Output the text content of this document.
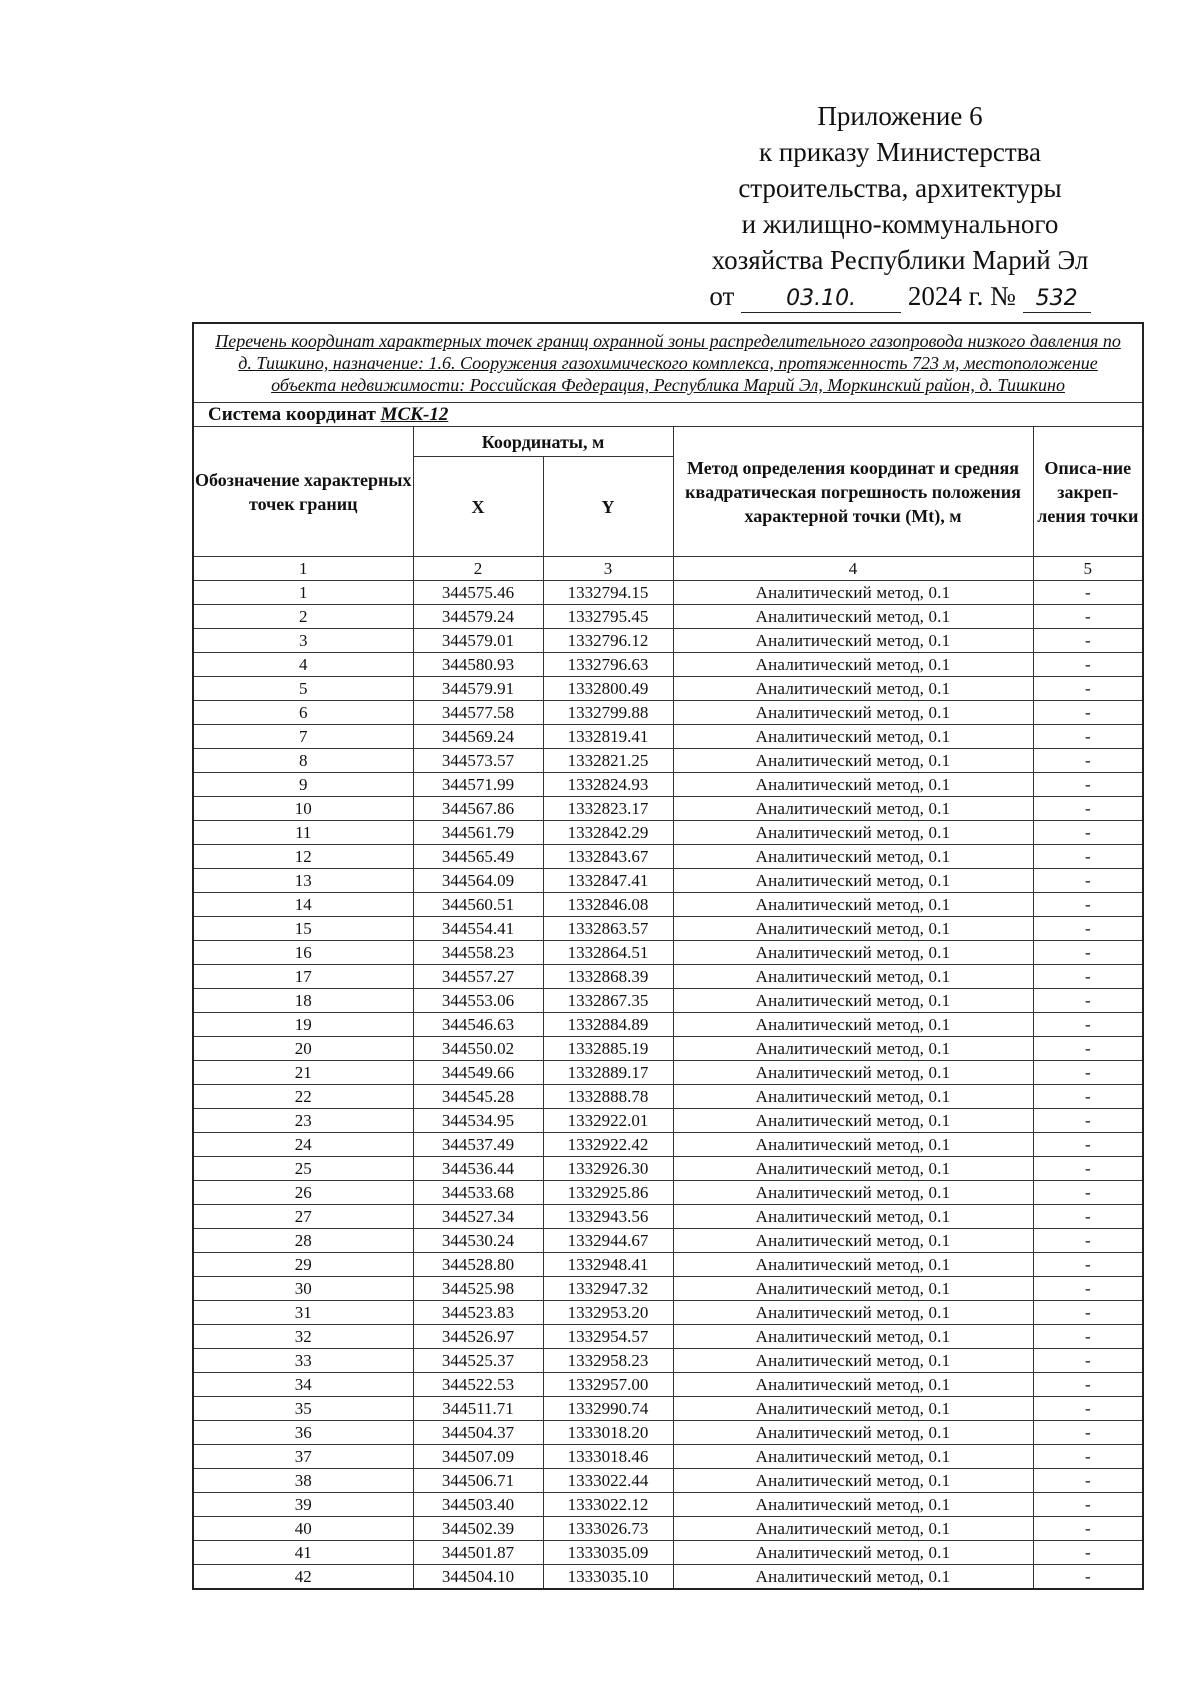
Приложение 6
к приказу Министерства
строительства, архитектуры
и жилищно-коммунального
хозяйства Республики Марий Эл
от 03.10. 2024 г. № 532
Перечень координат характерных точек границ охранной зоны распределительного газопровода низкого давления по д. Тишкино, назначение: 1.6. Сооружения газохимического комплекса, протяженность 723 м, местоположение объекта недвижимости: Российская Федерация, Республика Марий Эл, Моркинский район, д. Тишкино				
Система координат МСК-12				
Обозначение характерных точек границ	Координаты, м		Метод определения координат и средняя квадратическая погрешность положения характерной точки (Mt), м	Описа-ние закреп-ления точки
	X	Y		
1	2	3	4	5
1	344575.46	1332794.15	Аналитический метод, 0.1	-
2	344579.24	1332795.45	Аналитический метод, 0.1	-
3	344579.01	1332796.12	Аналитический метод, 0.1	-
4	344580.93	1332796.63	Аналитический метод, 0.1	-
5	344579.91	1332800.49	Аналитический метод, 0.1	-
6	344577.58	1332799.88	Аналитический метод, 0.1	-
7	344569.24	1332819.41	Аналитический метод, 0.1	-
8	344573.57	1332821.25	Аналитический метод, 0.1	-
9	344571.99	1332824.93	Аналитический метод, 0.1	-
10	344567.86	1332823.17	Аналитический метод, 0.1	-
11	344561.79	1332842.29	Аналитический метод, 0.1	-
12	344565.49	1332843.67	Аналитический метод, 0.1	-
13	344564.09	1332847.41	Аналитический метод, 0.1	-
14	344560.51	1332846.08	Аналитический метод, 0.1	-
15	344554.41	1332863.57	Аналитический метод, 0.1	-
16	344558.23	1332864.51	Аналитический метод, 0.1	-
17	344557.27	1332868.39	Аналитический метод, 0.1	-
18	344553.06	1332867.35	Аналитический метод, 0.1	-
19	344546.63	1332884.89	Аналитический метод, 0.1	-
20	344550.02	1332885.19	Аналитический метод, 0.1	-
21	344549.66	1332889.17	Аналитический метод, 0.1	-
22	344545.28	1332888.78	Аналитический метод, 0.1	-
23	344534.95	1332922.01	Аналитический метод, 0.1	-
24	344537.49	1332922.42	Аналитический метод, 0.1	-
25	344536.44	1332926.30	Аналитический метод, 0.1	-
26	344533.68	1332925.86	Аналитический метод, 0.1	-
27	344527.34	1332943.56	Аналитический метод, 0.1	-
28	344530.24	1332944.67	Аналитический метод, 0.1	-
29	344528.80	1332948.41	Аналитический метод, 0.1	-
30	344525.98	1332947.32	Аналитический метод, 0.1	-
31	344523.83	1332953.20	Аналитический метод, 0.1	-
32	344526.97	1332954.57	Аналитический метод, 0.1	-
33	344525.37	1332958.23	Аналитический метод, 0.1	-
34	344522.53	1332957.00	Аналитический метод, 0.1	-
35	344511.71	1332990.74	Аналитический метод, 0.1	-
36	344504.37	1333018.20	Аналитический метод, 0.1	-
37	344507.09	1333018.46	Аналитический метод, 0.1	-
38	344506.71	1333022.44	Аналитический метод, 0.1	-
39	344503.40	1333022.12	Аналитический метод, 0.1	-
40	344502.39	1333026.73	Аналитический метод, 0.1	-
41	344501.87	1333035.09	Аналитический метод, 0.1	-
42	344504.10	1333035.10	Аналитический метод, 0.1	-
